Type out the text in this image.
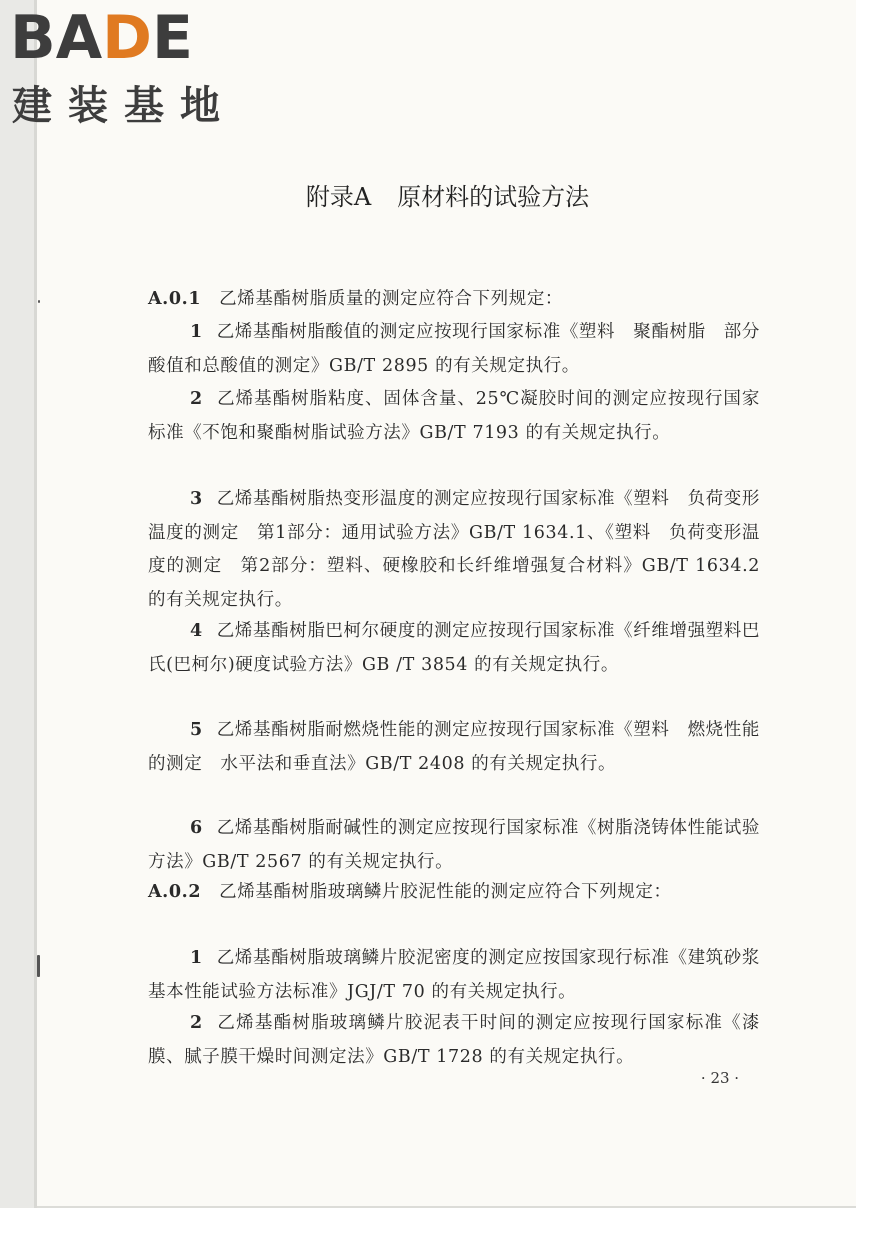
BADE
建装基地
附录A 原材料的试验方法
A.0.1 乙烯基酯树脂质量的测定应符合下列规定：
1 乙烯基酯树脂酸值的测定应按现行国家标准《塑料　聚酯树脂　部分酸值和总酸值的测定》GB/T 2895 的有关规定执行。
2 乙烯基酯树脂粘度、固体含量、25℃凝胶时间的测定应按现行国家标准《不饱和聚酯树脂试验方法》GB/T 7193 的有关规定执行。
3 乙烯基酯树脂热变形温度的测定应按现行国家标准《塑料　负荷变形温度的测定　第1部分：通用试验方法》GB/T 1634.1、《塑料　负荷变形温度的测定　第2部分：塑料、硬橡胶和长纤维增强复合材料》GB/T 1634.2 的有关规定执行。
4 乙烯基酯树脂巴柯尔硬度的测定应按现行国家标准《纤维增强塑料巴氏(巴柯尔)硬度试验方法》GB /T 3854 的有关规定执行。
5 乙烯基酯树脂耐燃烧性能的测定应按现行国家标准《塑料　燃烧性能的测定　水平法和垂直法》GB/T 2408 的有关规定执行。
6 乙烯基酯树脂耐碱性的测定应按现行国家标准《树脂浇铸体性能试验方法》GB/T 2567 的有关规定执行。
A.0.2 乙烯基酯树脂玻璃鳞片胶泥性能的测定应符合下列规定：
1 乙烯基酯树脂玻璃鳞片胶泥密度的测定应按国家现行标准《建筑砂浆基本性能试验方法标准》JGJ/T 70 的有关规定执行。
2 乙烯基酯树脂玻璃鳞片胶泥表干时间的测定应按现行国家标准《漆膜、腻子膜干燥时间测定法》GB/T 1728 的有关规定执行。
· 23 ·
